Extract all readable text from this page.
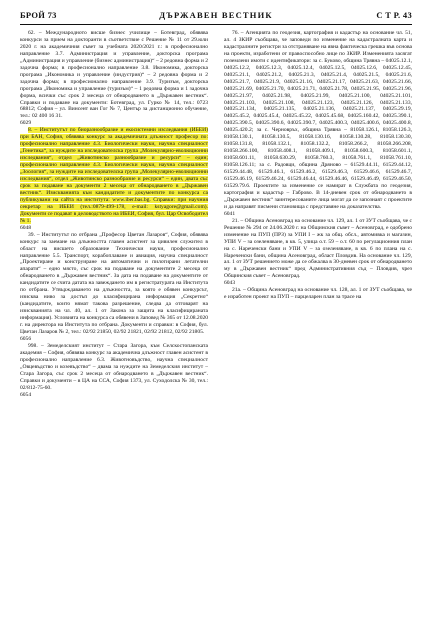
БРОЙ 73	ДЪРЖАВЕН ВЕСТНИК	С Т Р. 43

62. – Международното висше бизнес училище – Ботевград, обявява конкурси за прием на докторанти в съответствие с Решение № 11 от 29.юли 2020 г. на академичния съвет за учебната 2020/2021 г.: в професионално направление 3.7. Администрация и управление, докторска програма „Администрация и управление (бизнес администрация)“ – 2 редовна форма и 2 задочна форма; в професионално направление 3.8. Икономика, докторска програма „Икономика и управление (индустрия)“ – 2 редовна форма и 2 задочна форма; в професионално направление 3.9. Туризъм, докторска програма „Икономика и управление (туризъм)“ – 1 редовна форма и 1 задочна форма, всички със срок 2 месеца от обнародването в „Държавен вестник“. Справки и подаване на документи: Ботевград, ул. Гурко № 14, тел.: 0723 68812; София – ул. Винсент ван Гог № 7, Център за дистанционно обучение, тел.: 02 400 16 31.

6029

8. – Институтът по биоразнообразие и екосистемни изследвания (ИБЕИ) при БАН, София, обявява конкурс за академичната длъжност професор по: професионално направление 4.3. Биологически науки, научна специалност „Генетика“, за нуждите на изследователска група „Молекулярно-еволюционни изследвания“, отдел „Животинско разнообразие и ресурси“ – един; професионално направление 4.3. Биологически науки, научна специалност „Зоология“, за нуждите на изследователска група „Молекулярно-еволюционни изследвания“, отдел „Животинско разнообразие и ресурси“ – един, двата със срок за подаване на документи 2 месеца от обнародването в „Държавен вестник“. Изискванията към кандидатите и документите по конкурса са публикувани на сайта на института: www.iber.bas.bg. Справки: при научния секретар на ИБЕИ (тел.:0879-499-178, e-mail: kstyagore@gmail.com). Документи се подават в деловодството на ИБЕИ, София, бул. Цар Освободител № 1.

6048

39. – Институтът по отбрана „Професор Цветан Лазаров“, София, обявява конкурс за заемане на длъжността главен асистент за цивилен служител в област на висшето образование Технически науки, професионално направление 5.5. Транспорт, корабоплаване и авиация, научна специалност „Проектиране и конструиране на автоматични и пилотирани летателни апарати“ – едно място, със срок на подаване на документите 2 месеца от обнародването в „Държавен вестник“. За дата на подаване на документите от кандидатите се счита датата на завеждането им в регистратурата на Института по отбрана. Утвърждаването на длъжността, за която е обявен конкурсът, изисква ниво за достъп до класифицирана информация „Секретно“ (кандидатите, които нямат такова разрешение, следва да отговарят на изискванията на чл. 40, ал. 1 от Закона за защита на класифицираната информация). Условията на конкурса са обявени в Заповед № 365 от 12.08.2020 г. на директора на Института по отбрана. Документи и справки: в София, бул. Цветан Лазаров № 2, тел.: 02/92 21850, 02/92 21821, 02/92 21812, 02/92 21805.

6056

998. – Земеделският институт – Стара Загора, към Селскостопанската академия – София, обявява конкурс за академична длъжност главен асистент в професионално направление 6.3. Животновъдство, научна специалност „Овцевъдство и козевъдство“ – двама за нуждите на Земеделския институт – Стара Загора, със срок 2 месеца от обнародването в „Държавен вестник“. Справки и документи – в ЦА на ССА, София 1373, ул. Суходолска № 30, тел.: 02/812-75-60.

6054

76. – Агенцията по геодезия, картография и кадастър на основание чл. 51, ал. 4 ЗКИР съобщава, че заповеди по изменение на кадастралната карта и кадастралните регистри за отстраняване на явна фактическа грешка във основа на проекти, изработени от правоспособно лице по ЗКИР. Измененията засягат поземлени имоти с идентификатори: за с. Буково, община Трявна – 04025.12.1, 04025.12.2, 04025.12.3, 04025.12.4, 04025.12.5, 04025.12.6, 04025.12.45, 04025.21.1, 04025.21.2, 04025.21.3, 04025.21.4, 04025.21.5, 04025.21.6, 04025.21.7, 04025.21.9, 04025.21.16, 04025.21.17, 04025.21.63, 04025.21.66, 04025.21.69, 04025.21.70, 04025.21.71, 04025.21.78, 04025.21.95, 04025.21.96, 04025.21.97, 04025.21.98, 04025.21.99, 04025.21.100, 04025.21.101, 04025.21.103, 04025.21.108, 04025.21.123, 04025.21.126, 04025.21.133, 04025.21.134, 04025.21.135, 04025.21.136, 04025.21.137, 04025.29.19, 04025.45.2, 04025.45.4, 04025.45.22, 04025.45.68, 04025.160.42, 04025.390.1, 04025.390.5, 04025.390.6, 04025.390.7, 04025.400.3, 04025.400.6, 04025.400.8, 04025.420.2; за с. Черновръх, община Трявна – 81058.126.1, 81058.126.3, 81058.130.1, 81058.130.5, 81058.130.16, 81058.130.28, 81058.130.30, 81058.131.8, 81058.132.1, 81058.132.2, 81058.266.2, 81058.266.208, 81058.266.100, 81058.408.1, 81058.409.1, 81058.600.3, 81058.601.1, 81058.601.11, 81058.630.29, 81058.760.3, 81058.761.1, 81058.761.10, 81058.126.11; за с. Радовци, община Дряново – 61529.44.11, 61529.44.12, 61529.44.48, 61529.46.1, 61529.46.2, 61529.46.3, 61529.46.6, 61529.46.7, 61529.46.19, 61529.46.24, 61529.46.44, 61529.46.46, 61529.46.49, 61529.46.50, 61529.79.6. Проектите за изменение се намират в Службата по геодезия, картография и кадастър – Габрово. В 14-дневен срок от обнародването в „Държавен вестник“ заинтересованите лица могат да се запознаят с проектите и да направят писмени становища с представяне на доказателства.

6041

21. – Община Асеновград на основание чл. 129, ал. 1 от ЗУТ съобщава, че с Решение № 294 от 24.06.2020 г. на Общинския съвет – Асеновград, е одобрено изменение на ПУП (ПРЗ) за УПИ I – жк за общ. обсл., автомивка и магазин, УПИ V – за озеленяване, в кв. 5, улица о.т. 59 – о.т. 60 по регулационния план на с. Нареченски бани и УПИ V – за озеленяване, в кв. 6 по плана на с. Нареченски бани, община Асеновград, област Пловдив. На основание чл. 129, ал. 1 от ЗУТ решението може да се обжалва в 30-дневен срок от обнародването му в „Държавен вестник“ пред Административния съд – Пловдив, чрез Общинския съвет – Асеновград.

6043

21а. – Община Асеновград на основание чл. 128, ал. 1 от ЗУТ съобщава, че е изработен проект на ПУП – парцеларен план за трасе на
